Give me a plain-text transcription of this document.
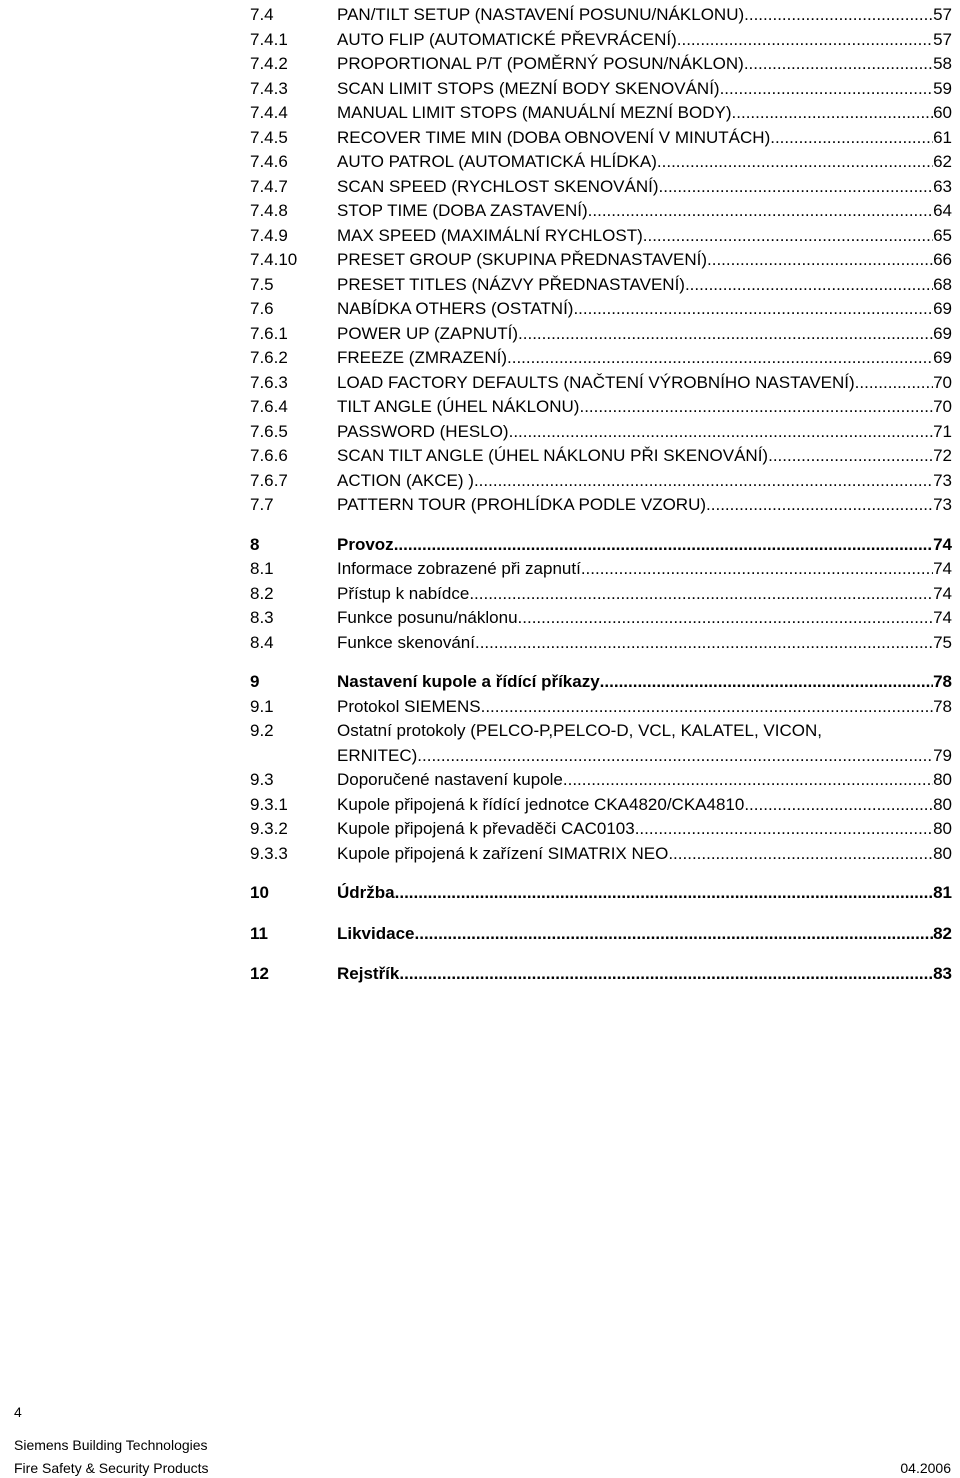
7.4	PAN/TILT SETUP (NASTAVENÍ POSUNU/NÁKLONU) .....	57
7.4.1	AUTO FLIP (AUTOMATICKÉ PŘEVRÁCENÍ) .....	57
7.4.2	PROPORTIONAL P/T (POMĚRNÝ POSUN/NÁKLON) .....	58
7.4.3	SCAN LIMIT STOPS (MEZNÍ BODY SKENOVÁNÍ) .....	59
7.4.4	MANUAL LIMIT STOPS (MANUÁLNÍ MEZNÍ BODY) .....	60
7.4.5	RECOVER TIME MIN (DOBA OBNOVENÍ V MINUTÁCH) .....	61
7.4.6	AUTO PATROL (AUTOMATICKÁ HLÍDKA) .....	62
7.4.7	SCAN SPEED (RYCHLOST SKENOVÁNÍ) .....	63
7.4.8	STOP TIME (DOBA ZASTAVENÍ) .....	64
7.4.9	MAX SPEED (MAXIMÁLNÍ RYCHLOST) .....	65
7.4.10	PRESET GROUP (SKUPINA PŘEDNASTAVENÍ) .....	66
7.5	PRESET TITLES (NÁZVY PŘEDNASTAVENÍ) .....	68
7.6	NABÍDKA OTHERS (OSTATNÍ) .....	69
7.6.1	POWER UP (ZAPNUTÍ) .....	69
7.6.2	FREEZE (ZMRAZENÍ) .....	69
7.6.3	LOAD FACTORY DEFAULTS (NAČTENÍ VÝROBNÍHO NASTAVENÍ) .....	70
7.6.4	TILT ANGLE (ÚHEL NÁKLONU) .....	70
7.6.5	PASSWORD (HESLO) .....	71
7.6.6	SCAN TILT ANGLE (ÚHEL NÁKLONU PŘI SKENOVÁNÍ) .....	72
7.6.7	ACTION (AKCE) ) .....	73
7.7	PATTERN TOUR (PROHLÍDKA PODLE VZORU) .....	73
8	Provoz .....	74
8.1	Informace zobrazené při zapnutí .....	74
8.2	Přístup k nabídce .....	74
8.3	Funkce posunu/náklonu .....	74
8.4	Funkce skenování .....	75
9	Nastavení kupole a řídící příkazy .....	78
9.1	Protokol SIEMENS .....	78
9.2	Ostatní protokoly (PELCO-P,PELCO-D, VCL, KALATEL, VICON,
ERNITEC) .....	79
9.3	Doporučené nastavení kupole .....	80
9.3.1	Kupole připojená k řídící jednotce CKA4820/CKA4810 .....	80
9.3.2	Kupole připojená k převaděči CAC0103 .....	80
9.3.3	Kupole připojená k zařízení SIMATRIX NEO .....	80
10	Údržba .....	81
11	Likvidace .....	82
12	Rejstřík .....	83
4
Siemens Building Technologies
Fire Safety & Security Products	04.2006
